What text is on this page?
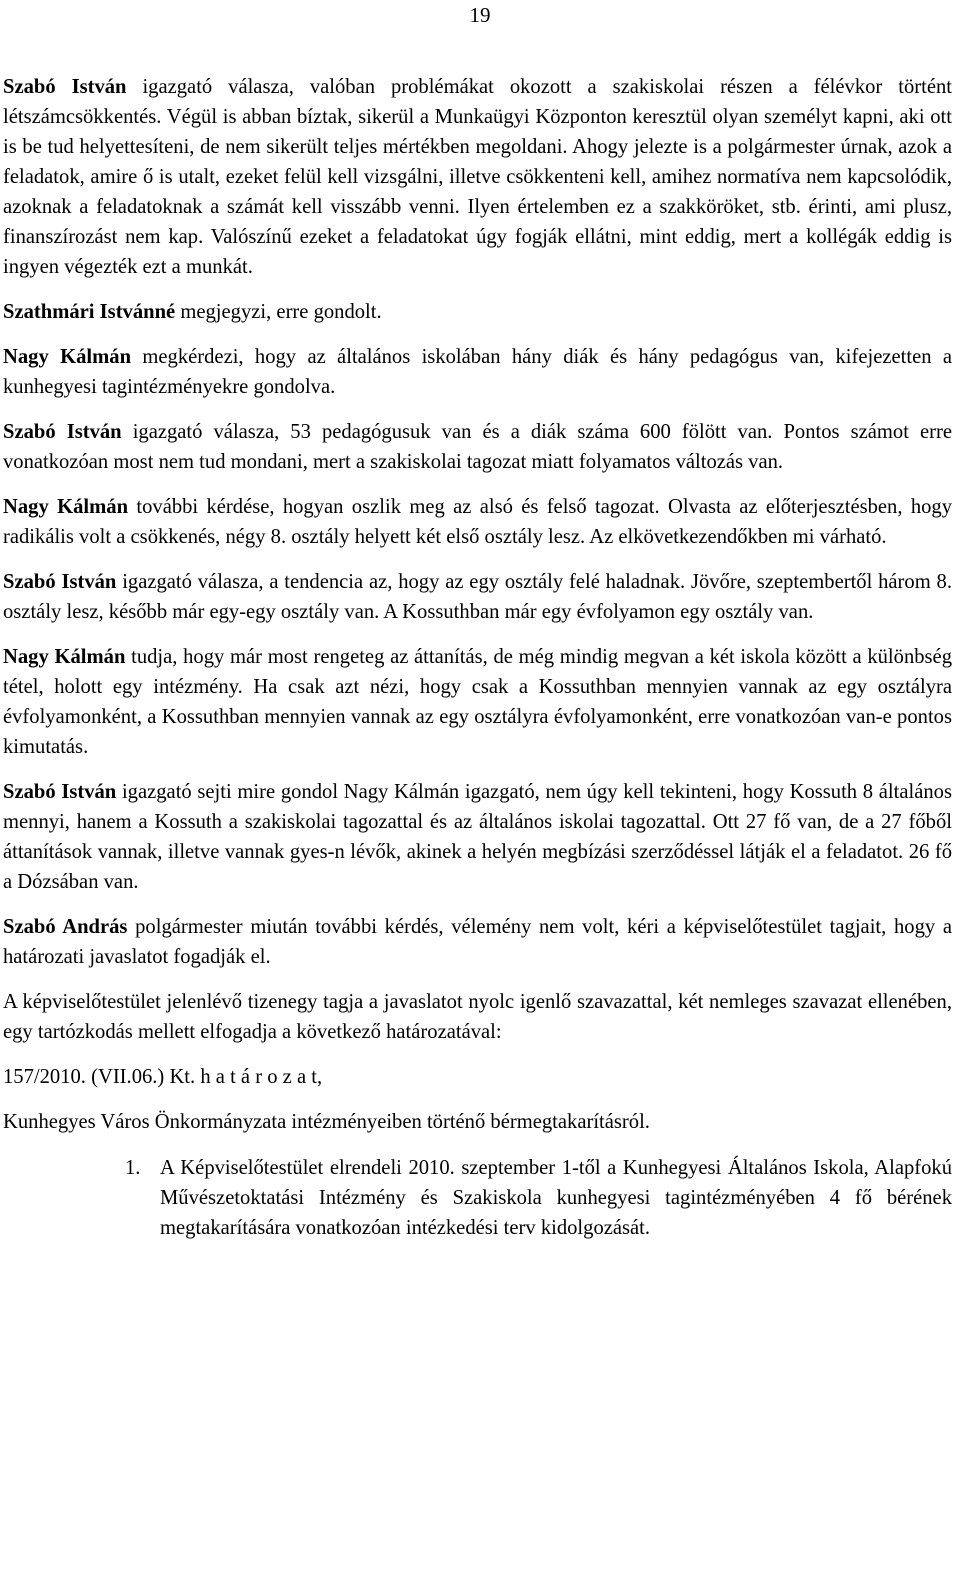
19

Szabó István igazgató válasza, valóban problémákat okozott a szakiskolai részen a félévkor történt létszámcsökkentés. Végül is abban bíztak, sikerül a Munkaügyi Központon keresztül olyan személyt kapni, aki ott is be tud helyettesíteni, de nem sikerült teljes mértékben megoldani. Ahogy jelezte is a polgármester úrnak, azok a feladatok, amire ő is utalt, ezeket felül kell vizsgálni, illetve csökkenteni kell, amihez normatíva nem kapcsolódik, azoknak a feladatoknak a számát kell visszább venni. Ilyen értelemben ez a szakköröket, stb. érinti, ami plusz, finanszírozást nem kap. Valószínű ezeket a feladatokat úgy fogják ellátni, mint eddig, mert a kollégák eddig is ingyen végezték ezt a munkát.

Szathmári Istvánné megjegyzi, erre gondolt.

Nagy Kálmán megkérdezi, hogy az általános iskolában hány diák és hány pedagógus van, kifejezetten a kunhegyesi tagintézményekre gondolva.

Szabó István igazgató válasza, 53 pedagógusuk van és a diák száma 600 fölött van. Pontos számot erre vonatkozóan most nem tud mondani, mert a szakiskolai tagozat miatt folyamatos változás van.

Nagy Kálmán további kérdése, hogyan oszlik meg az alsó és felső tagozat. Olvasta az előterjesztésben, hogy radikális volt a csökkenés, négy 8. osztály helyett két első osztály lesz. Az elkövetkezendőkben mi várható.

Szabó István igazgató válasza, a tendencia az, hogy az egy osztály felé haladnak. Jövőre, szeptembertől három 8. osztály lesz, később már egy-egy osztály van. A Kossuthban már egy évfolyamon egy osztály van.

Nagy Kálmán tudja, hogy már most rengeteg az áttanítás, de még mindig megvan a két iskola között a különbség tétel, holott egy intézmény. Ha csak azt nézi, hogy csak a Kossuthban mennyien vannak az egy osztályra évfolyamonként, a Kossuthban mennyien vannak az egy osztályra évfolyamonként, erre vonatkozóan van-e pontos kimutatás.

Szabó István igazgató sejti mire gondol Nagy Kálmán igazgató, nem úgy kell tekinteni, hogy Kossuth 8 általános mennyi, hanem a Kossuth a szakiskolai tagozattal és az általános iskolai tagozattal. Ott 27 fő van, de a 27 főből áttanítások vannak, illetve vannak gyes-n lévők, akinek a helyén megbízási szerződéssel látják el a feladatot. 26 fő a Dózsában van.

Szabó András polgármester miután további kérdés, vélemény nem volt, kéri a képviselőtestület tagjait, hogy a határozati javaslatot fogadják el.

A képviselőtestület jelenlévő tizenegy tagja a javaslatot nyolc igenlő szavazattal, két nemleges szavazat ellenében, egy tartózkodás mellett elfogadja a következő határozatával:

157/2010. (VII.06.) Kt. h a t á r o z a t,

Kunhegyes Város Önkormányzata intézményeiben történő bérmegtakarításról.

1. A Képviselőtestület elrendeli 2010. szeptember 1-től a Kunhegyesi Általános Iskola, Alapfokú Művészetoktatási Intézmény és Szakiskola kunhegyesi tagintézményében 4 fő bérének megtakarítására vonatkozóan intézkedési terv kidolgozását.
